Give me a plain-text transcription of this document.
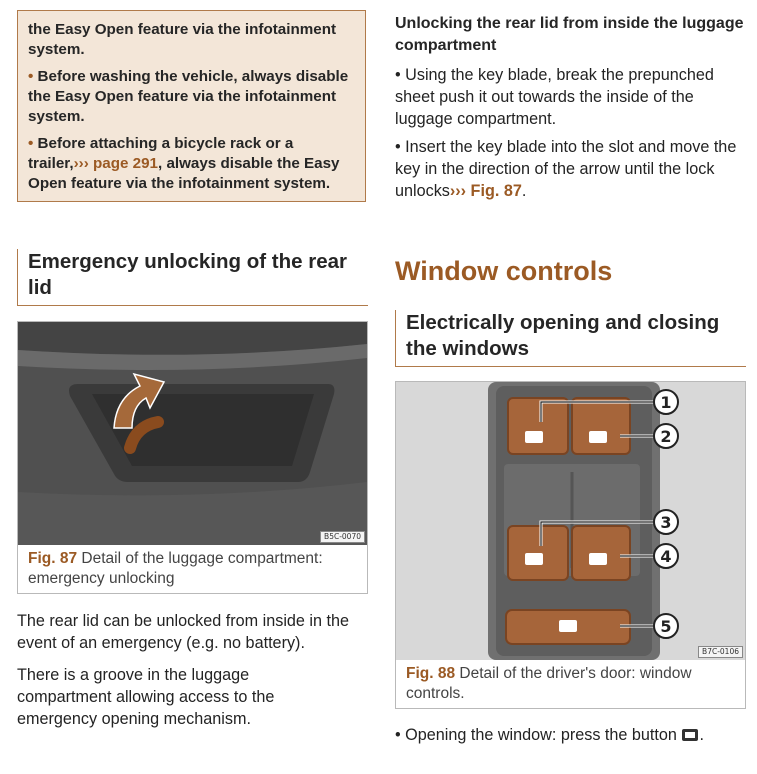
the Easy Open feature via the infotainment system.

• Before washing the vehicle, always disable the Easy Open feature via the infotainment system.

• Before attaching a bicycle rack or a trailer,››› page 291, always disable the Easy Open feature via the infotainment system.

Emergency unlocking of the rear lid
B5C-0070
Fig. 87 Detail of the luggage compartment: emergency unlocking

The rear lid can be unlocked from inside in the event of an emergency (e.g. no battery).

There is a groove in the luggage compartment allowing access to the emergency opening mechanism.

Unlocking the rear lid from inside the luggage compartment

• Using the key blade, break the prepunched sheet push it out towards the inside of the luggage compartment.

• Insert the key blade into the slot and move the key in the direction of the arrow until the lock unlocks››› Fig. 87.

Window controls
Electrically opening and closing the windows
1
2
3
4
5
B7C-0106
Fig. 88 Detail of the driver's door: window controls.

• Opening the window: press the button .
